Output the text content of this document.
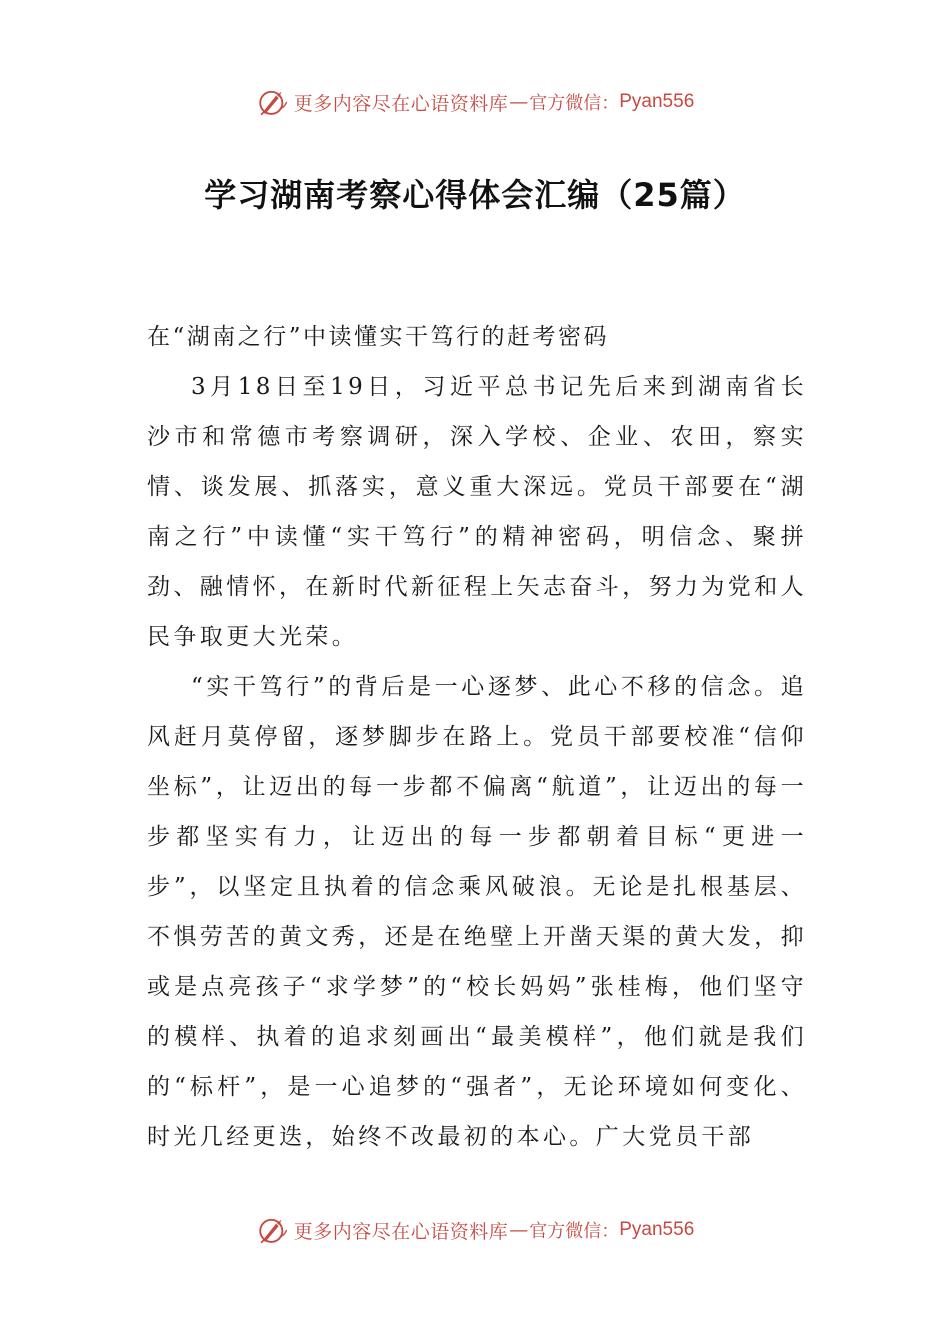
更多内容尽在心语资料库 — 官方微信： Pyan556
学习湖南考察心得体会汇编（25篇）

在“湖南之行”中读懂实干笃行的赶考密码

3月18日至19日，习近平总书记先后来到湖南省长沙市和常德市考察调研，深入学校、企业、农田，察实情、谈发展、抓落实，意义重大深远。党员干部要在“湖南之行”中读懂“实干笃行”的精神密码，明信念、聚拼劲、融情怀，在新时代新征程上矢志奋斗，努力为党和人民争取更大光荣。

“实干笃行”的背后是一心逐梦、此心不移的信念。追风赶月莫停留，逐梦脚步在路上。党员干部要校准“信仰坐标”，让迈出的每一步都不偏离“航道”，让迈出的每一步都坚实有力，让迈出的每一步都朝着目标“更进一步”，以坚定且执着的信念乘风破浪。无论是扎根基层、不惧劳苦的黄文秀，还是在绝壁上开凿天渠的黄大发，抑或是点亮孩子“求学梦”的“校长妈妈”张桂梅，他们坚守的模样、执着的追求刻画出“最美模样”，他们就是我们的“标杆”，是一心追梦的“强者”，无论环境如何变化、时光几经更迭，始终不改最初的本心。广大党员干部

更多内容尽在心语资料库 — 官方微信： Pyan556
